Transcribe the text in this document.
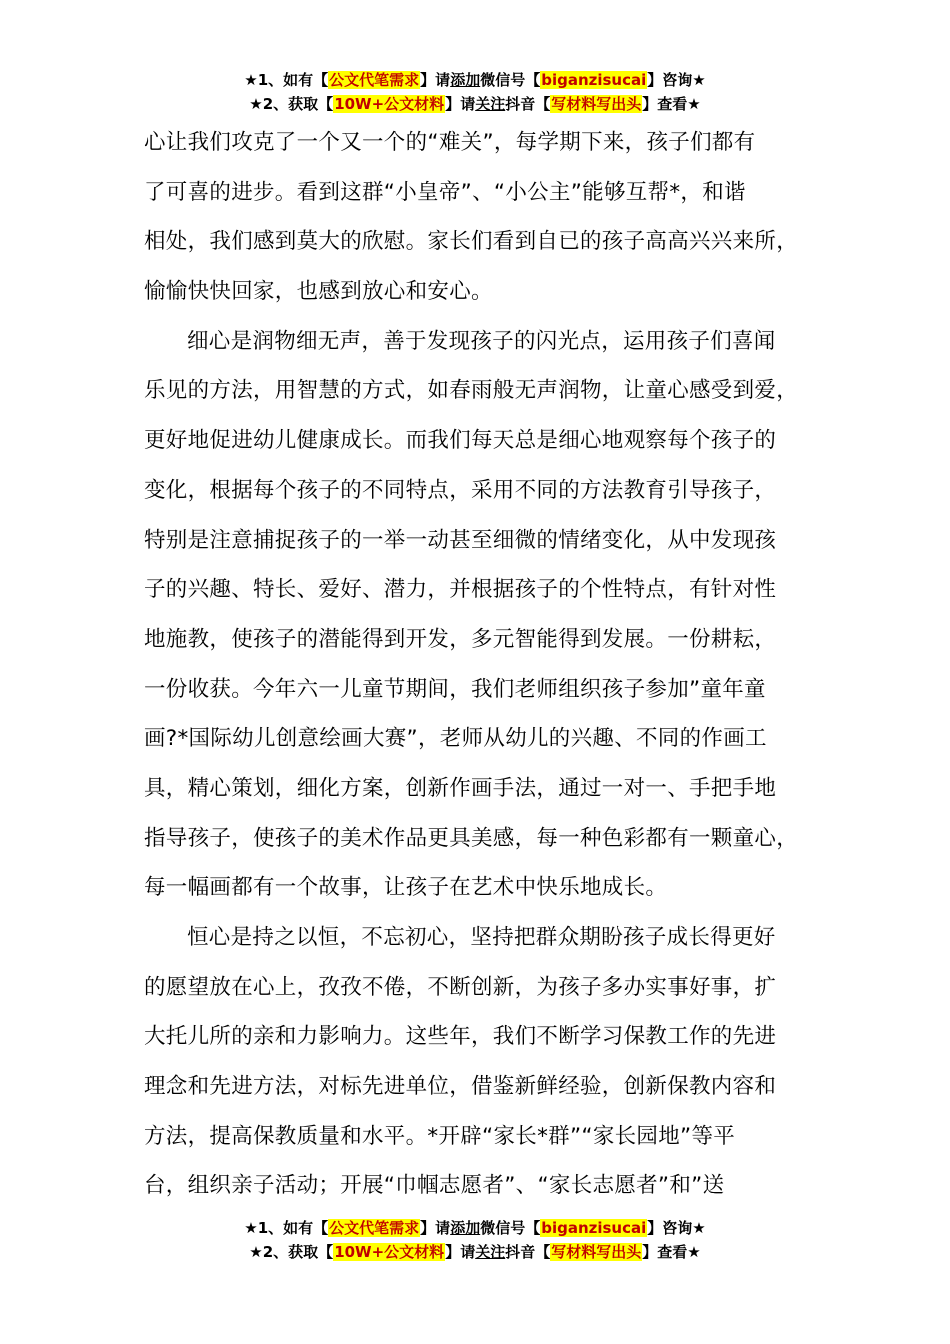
★1、如有【公文代笔需求】请添加微信号【biganzisucai】咨询★
★2、获取【10W+公文材料】请关注抖音【写材料写出头】查看★
心让我们攻克了一个又一个的“难关”，每学期下来，孩子们都有
了可喜的进步。看到这群“小皇帝”、“小公主”能够互帮*，和谐
相处，我们感到莫大的欣慰。家长们看到自已的孩子高高兴兴来所，
愉愉快快回家，也感到放心和安心。
细心是润物细无声，善于发现孩子的闪光点，运用孩子们喜闻
乐见的方法，用智慧的方式，如春雨般无声润物，让童心感受到爱，
更好地促进幼儿健康成长。而我们每天总是细心地观察每个孩子的
变化，根据每个孩子的不同特点，采用不同的方法教育引导孩子，
特别是注意捕捉孩子的一举一动甚至细微的情绪变化，从中发现孩
子的兴趣、特长、爱好、潜力，并根据孩子的个性特点，有针对性
地施教，使孩子的潜能得到开发，多元智能得到发展。一份耕耘，
一份收获。今年六一儿童节期间，我们老师组织孩子参加”童年童
画?*国际幼儿创意绘画大赛”，老师从幼儿的兴趣、不同的作画工
具，精心策划，细化方案，创新作画手法，通过一对一、手把手地
指导孩子，使孩子的美术作品更具美感，每一种色彩都有一颗童心，
每一幅画都有一个故事，让孩子在艺术中快乐地成长。
恒心是持之以恒，不忘初心，坚持把群众期盼孩子成长得更好
的愿望放在心上，孜孜不倦，不断创新，为孩子多办实事好事，扩
大托儿所的亲和力影响力。这些年，我们不断学习保教工作的先进
理念和先进方法，对标先进单位，借鉴新鲜经验，创新保教内容和
方法，提高保教质量和水平。*开辟“家长*群”“家长园地”等平
台，组织亲子活动；开展“巾帼志愿者”、“家长志愿者”和”送
★1、如有【公文代笔需求】请添加微信号【biganzisucai】咨询★
★2、获取【10W+公文材料】请关注抖音【写材料写出头】查看★
